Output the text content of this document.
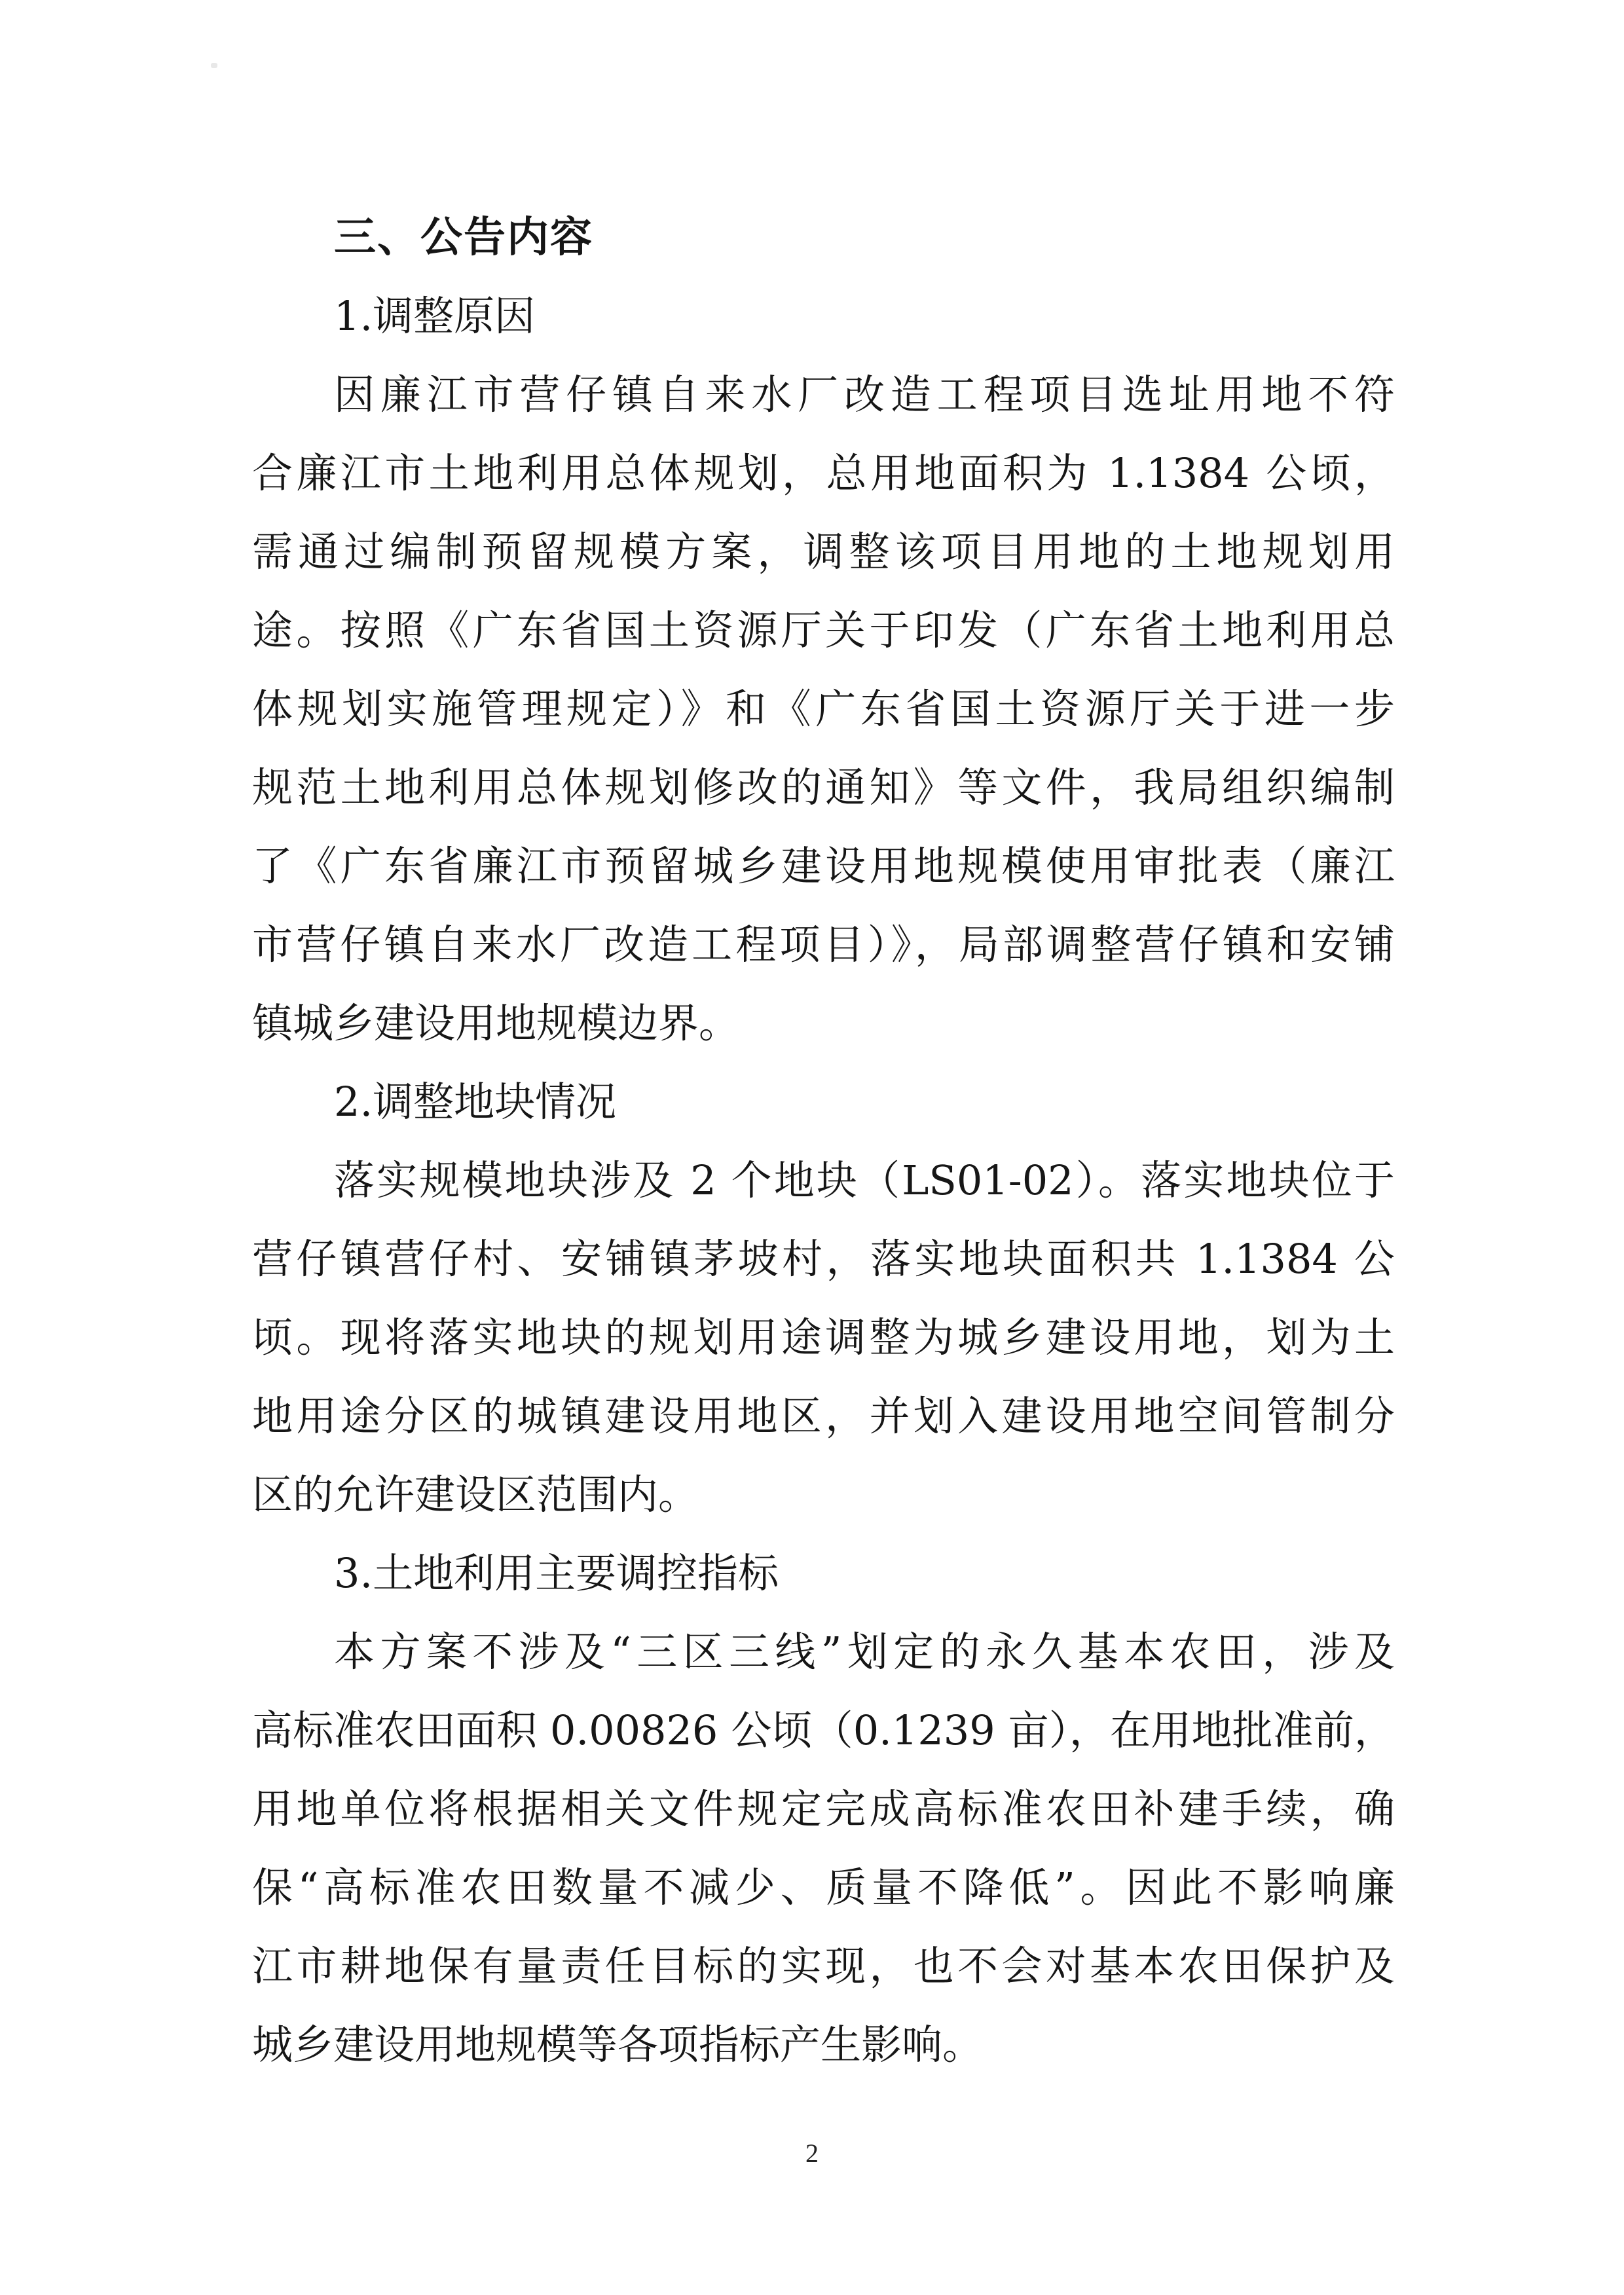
三、公告内容
1.调整原因
因廉江市营仔镇自来水厂改造工程项目选址用地不符
合廉江市土地利用总体规划，总用地面积为 1.1384 公顷，
需通过编制预留规模方案，调整该项目用地的土地规划用
途。按照《广东省国土资源厅关于印发（广东省土地利用总
体规划实施管理规定）》和《广东省国土资源厅关于进一步
规范土地利用总体规划修改的通知》等文件，我局组织编制
了《广东省廉江市预留城乡建设用地规模使用审批表（廉江
市营仔镇自来水厂改造工程项目）》，局部调整营仔镇和安铺
镇城乡建设用地规模边界。
2.调整地块情况
落实规模地块涉及 2 个地块（LS01-02）。落实地块位于
营仔镇营仔村、安铺镇茅坡村，落实地块面积共 1.1384 公
顷。现将落实地块的规划用途调整为城乡建设用地，划为土
地用途分区的城镇建设用地区，并划入建设用地空间管制分
区的允许建设区范围内。
3.土地利用主要调控指标
本方案不涉及“三区三线”划定的永久基本农田，涉及
高标准农田面积 0.00826 公顷（0.1239 亩），在用地批准前，
用地单位将根据相关文件规定完成高标准农田补建手续，确
保“高标准农田数量不减少、质量不降低”。因此不影响廉
江市耕地保有量责任目标的实现，也不会对基本农田保护及
城乡建设用地规模等各项指标产生影响。
2
